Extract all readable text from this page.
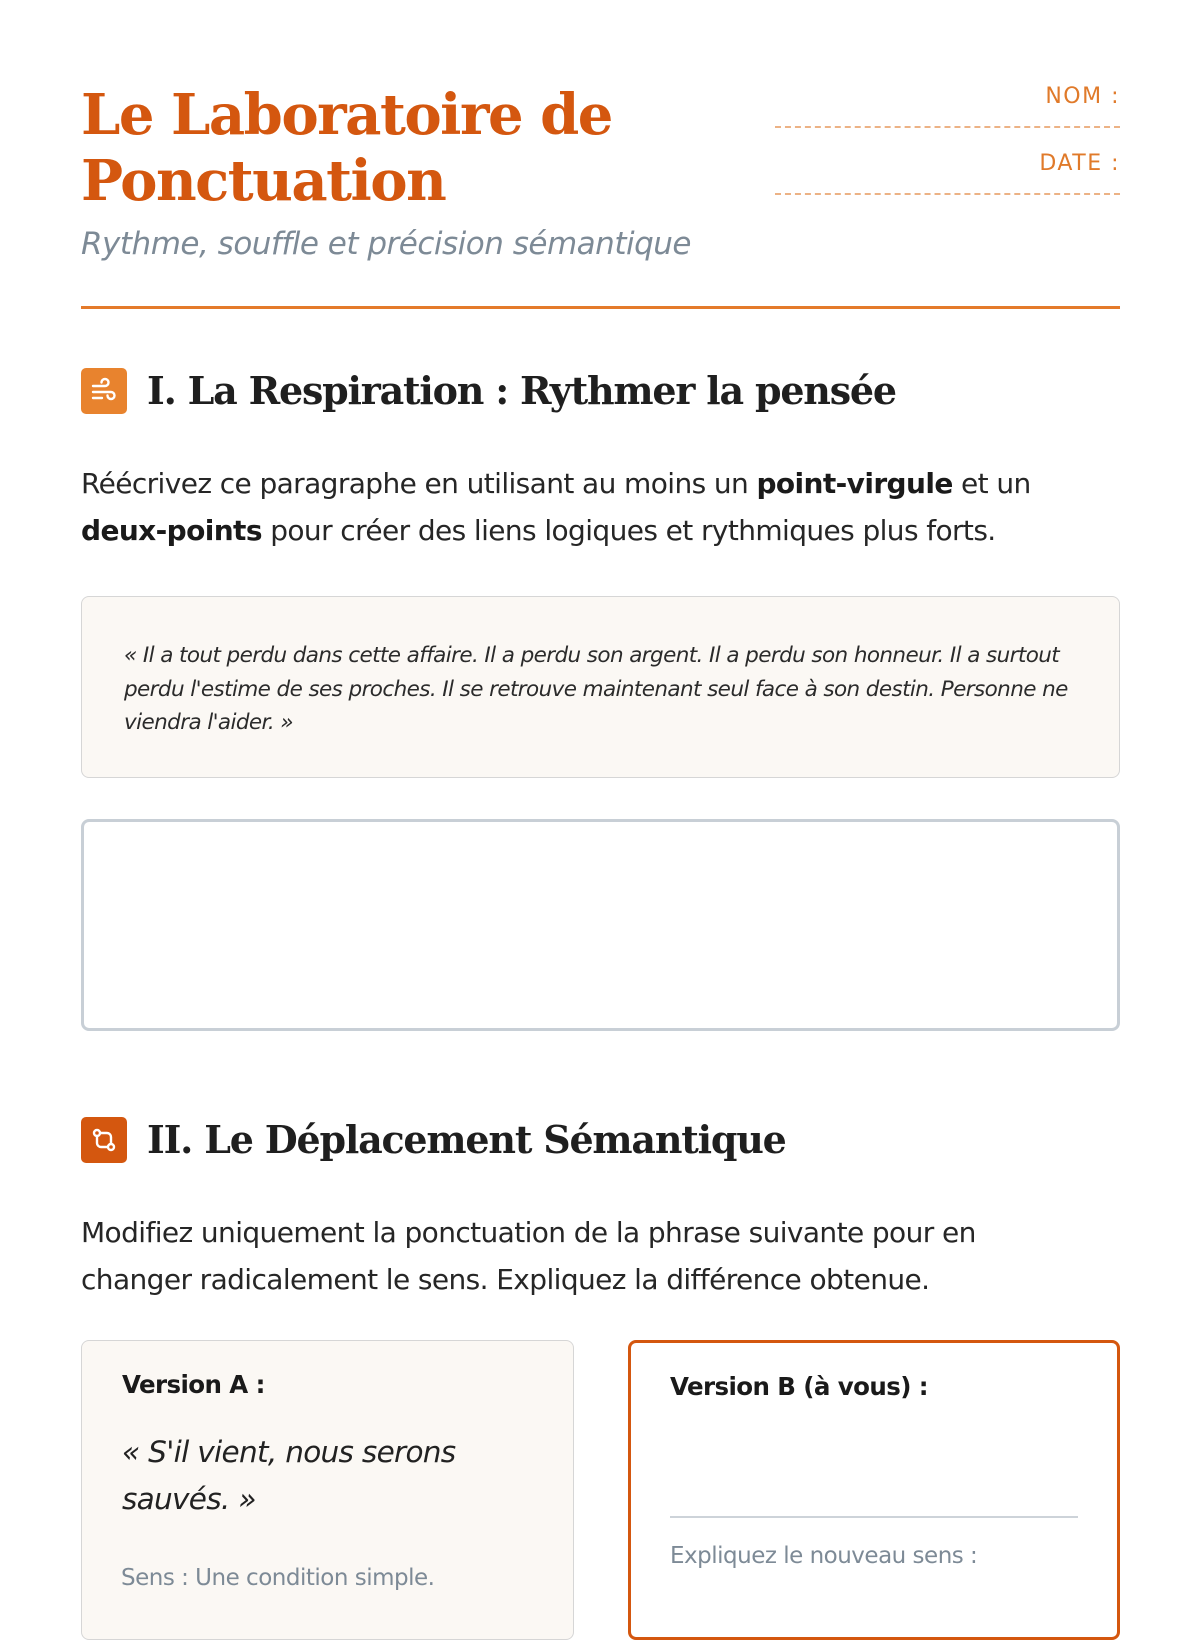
Le Laboratoire de
Ponctuation

Rythme, souffle et précision sémantique

NOM :
DATE :
I. La Respiration : Rythmer la pensée

Réécrivez ce paragraphe en utilisant au moins un point-virgule et un
deux-points pour créer des liens logiques et rythmiques plus forts.

« Il a tout perdu dans cette affaire. Il a perdu son argent. Il a perdu son honneur. Il a surtout perdu l'estime de ses proches. Il se retrouve maintenant seul face à son destin. Personne ne viendra l'aider. »

II. Le Déplacement Sémantique

Modifiez uniquement la ponctuation de la phrase suivante pour en changer radicalement le sens. Expliquez la différence obtenue.

Version A :
« S'il vient, nous serons sauvés. »
Sens : Une condition simple.
Version B (à vous) :
Expliquez le nouveau sens :
